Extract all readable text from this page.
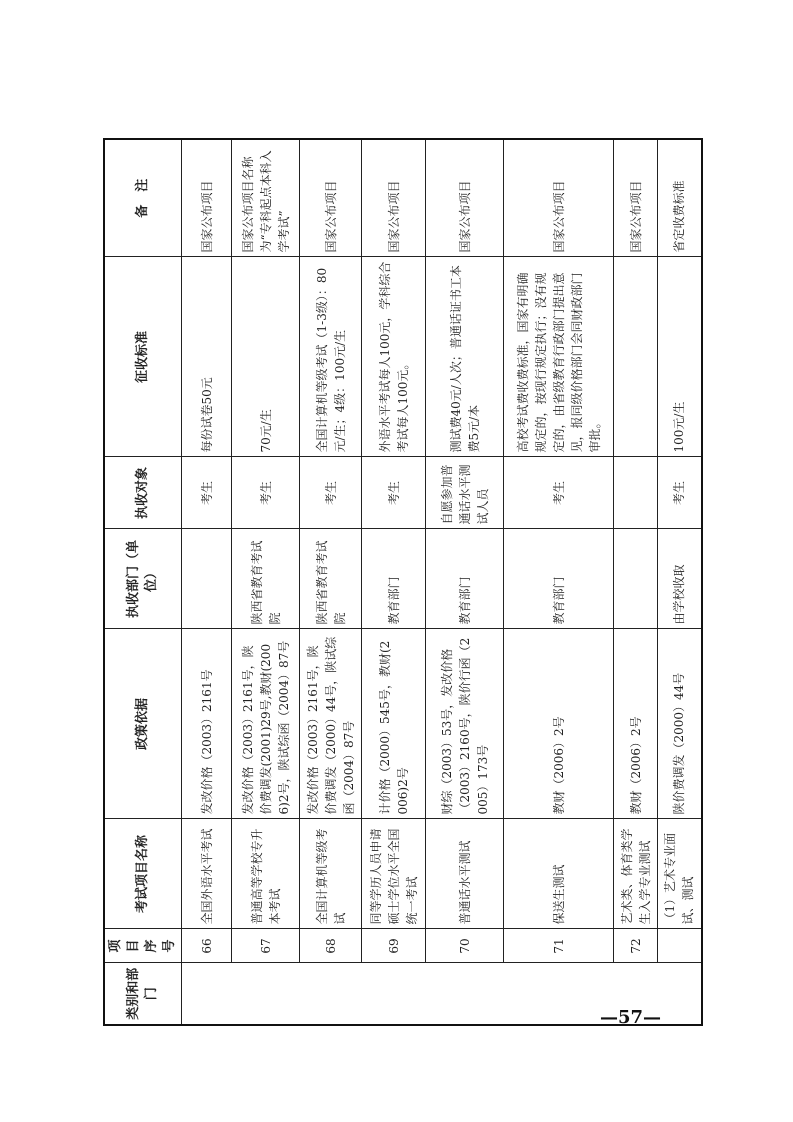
类别和部门	项目序号	考试项目名称	政策依据	执收部门（单位）	执收对象	征收标准	备　注
	66	全国外语水平考试	发改价格（2003）2161号		考生	每份试卷50元	国家公布项目
	67	普通高等学校专升本考试	发改价格（2003）2161号，陕价费调发(2001)29号,教财(2006)2号，陕试综函（2004）87号	陕西省教育考试院	考生	70元/生	国家公布项目名称为“专科起点本科入学考试”
	68	全国计算机等级考试	发改价格（2003）2161号，陕价费调发（2000）44号，陕试综函（2004）87号	陕西省教育考试院	考生	全国计算机等级考试（1-3级）：80元/生；4级：100元/生	国家公布项目
	69	同等学历人员申请硕士学位水平全国统一考试	计价格（2000）545号，教财(2006)2号	教育部门	考生	外语水平考试每人100元，学科综合考试每人100元。	国家公布项目
	70	普通话水平测试	财综（2003）53号，发改价格（2003）2160号，陕价行函（2005）173号	教育部门	自愿参加普通话水平测试人员	测试费40元/人次；普通话证书工本费5元/本	国家公布项目
	71	保送生测试	教财（2006）2号	教育部门	考生	高校考试费收费标准，国家有明确规定的，按现行规定执行；没有规定的，由省级教育行政部门提出意见，报同级价格部门会同财政部门审批。	国家公布项目
	72	艺术类、体育类学生入学专业测试	教财（2006）2号				国家公布项目
		（1）艺术专业面试、测试	陕价费调发（2000）44号	由学校收取	考生	100元/生	省定收费标准
—57—
